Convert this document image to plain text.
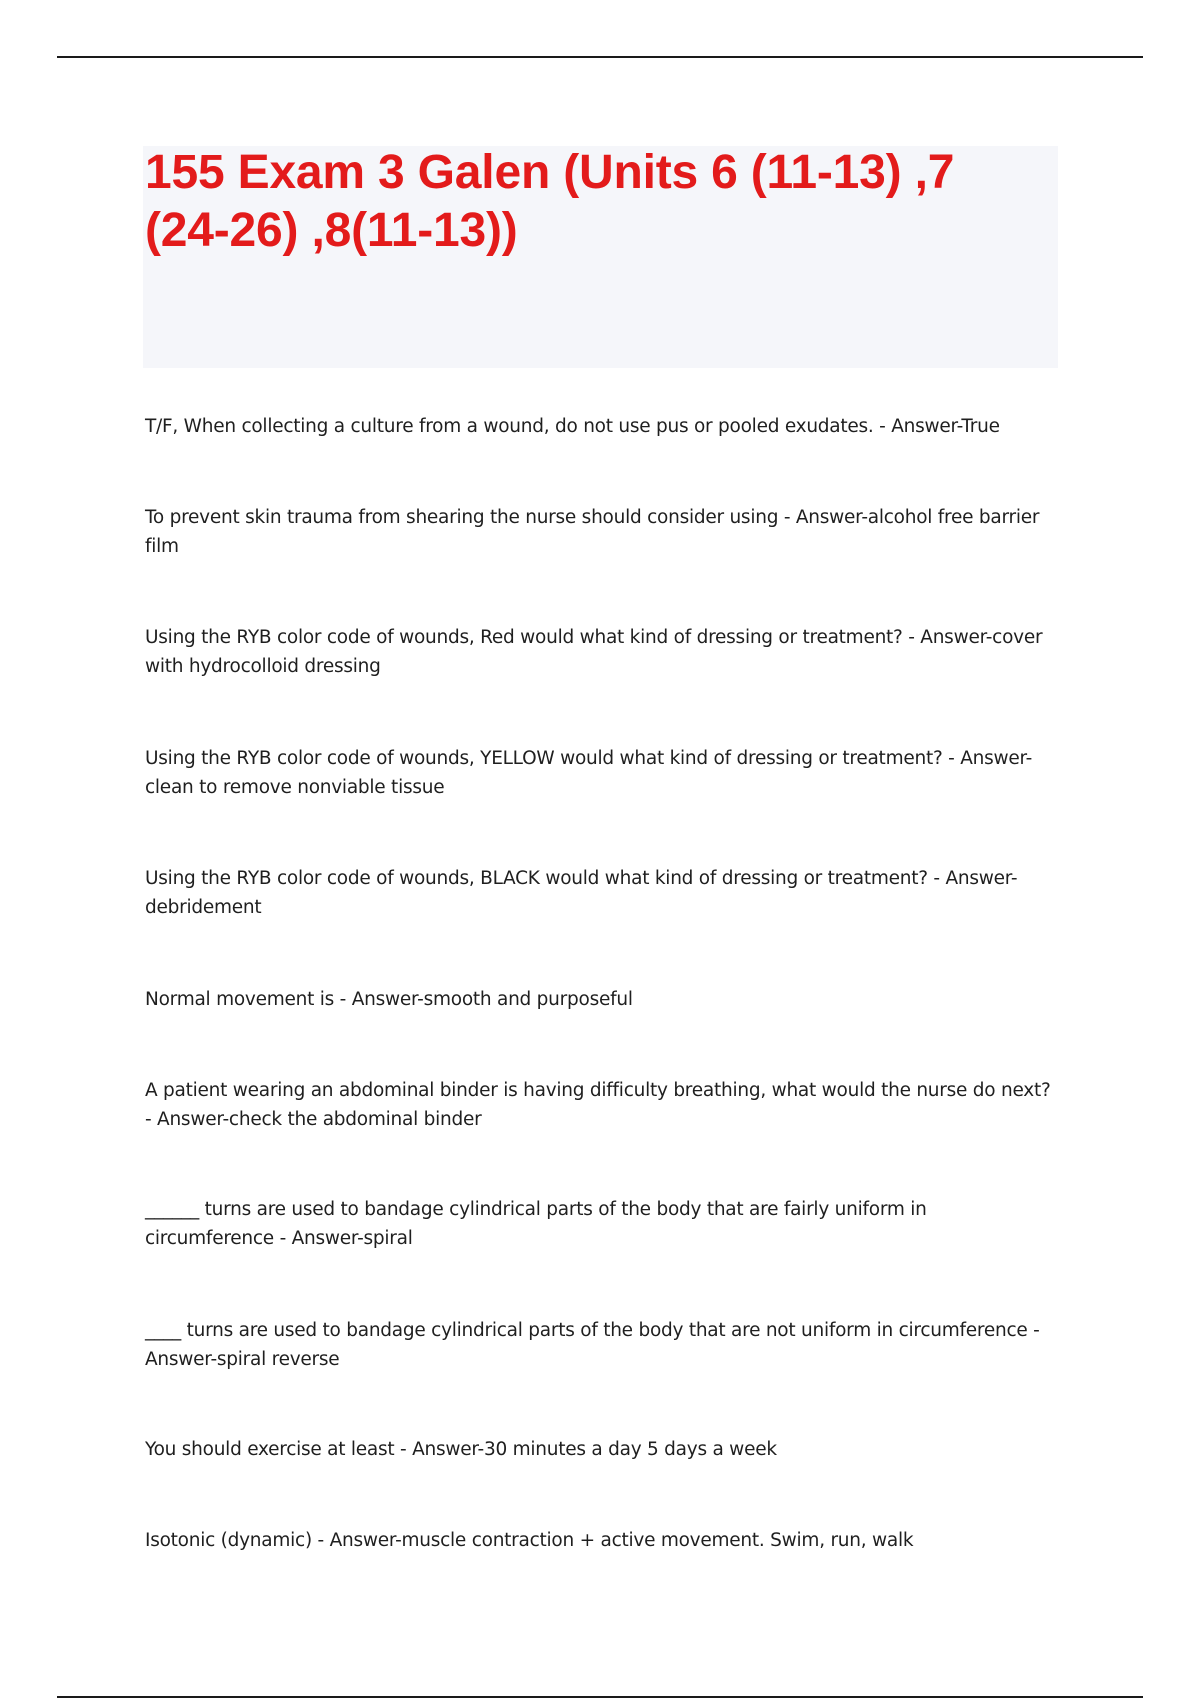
155 Exam 3 Galen (Units 6 (11-13) ,7 (24-26) ,8(11-13))

T/F, When collecting a culture from a wound, do not use pus or pooled exudates. - Answer-True

To prevent skin trauma from shearing the nurse should consider using - Answer-alcohol free barrier film

Using the RYB color code of wounds, Red would what kind of dressing or treatment? - Answer-cover with hydrocolloid dressing

Using the RYB color code of wounds, YELLOW would what kind of dressing or treatment? - Answer-clean to remove nonviable tissue

Using the RYB color code of wounds, BLACK would what kind of dressing or treatment? - Answer-debridement

Normal movement is - Answer-smooth and purposeful

A patient wearing an abdominal binder is having difficulty breathing, what would the nurse do next? - Answer-check the abdominal binder

______ turns are used to bandage cylindrical parts of the body that are fairly uniform in circumference - Answer-spiral

____ turns are used to bandage cylindrical parts of the body that are not uniform in circumference - Answer-spiral reverse

You should exercise at least - Answer-30 minutes a day 5 days a week

Isotonic (dynamic) - Answer-muscle contraction + active movement. Swim, run, walk
